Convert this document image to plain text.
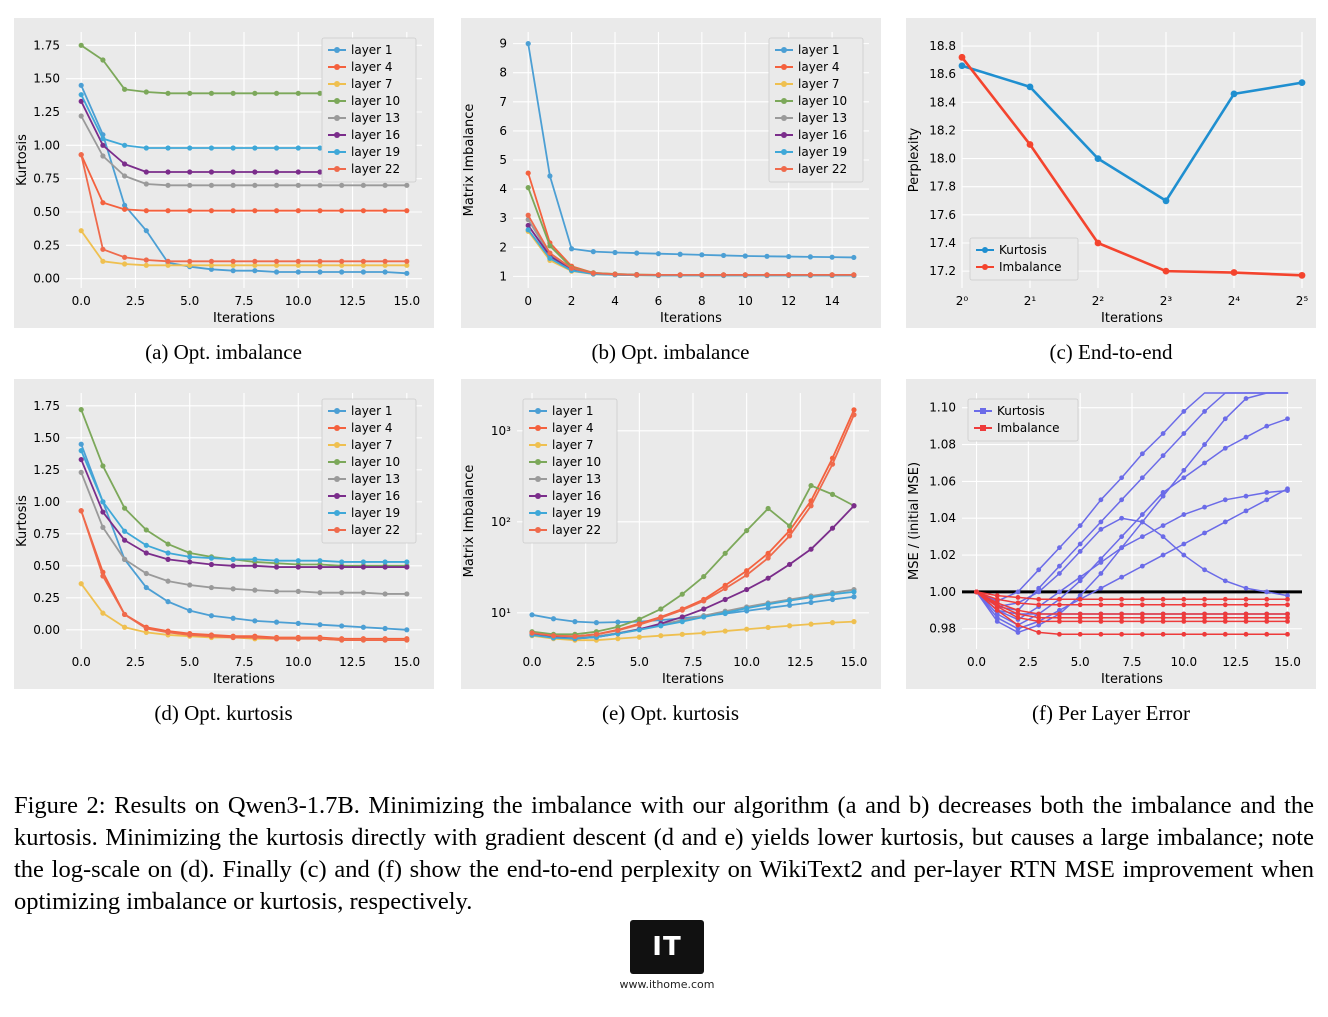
0.00
0.25
0.50
0.75
1.00
1.25
1.50
1.75
0.0	2.5	5.0	7.5	10.0 12.5 15.0
Iterations
Kurtosis
layer 1
layer 4
layer 7
layer 10
layer 13
layer 16
layer 19
layer 22
(a) Opt. imbalance
1
2
3
4
5
6
7
8
9
0	2	4	6	8	10 12 14
Iterations
Matrix Imbalance
layer 1
layer 4
layer 7
layer 10
layer 13
layer 16
layer 19
layer 22
(b) Opt. imbalance
17.2
17.4
17.6
17.8
18.0
18.2
18.4
18.6
18.8
2⁰	2¹	2²	2³	2⁴	2⁵
Iterations
Perplexity
Kurtosis
Imbalance
(c) End-to-end
0.00
0.25
0.50
0.75
1.00
1.25
1.50
1.75
0.0	2.5	5.0	7.5	10.0 12.5 15.0
Iterations
Kurtosis
layer 1
layer 4
layer 7
layer 10
layer 13
layer 16
layer 19
layer 22
(d) Opt. kurtosis
10¹
10²
10³
0.0	2.5	5.0	7.5	10.0 12.5 15.0
Iterations
Matrix Imbalance
layer 1
layer 4
layer 7
layer 10
layer 13
layer 16
layer 19
layer 22
(e) Opt. kurtosis
0.98
1.00
1.02
1.04
1.06
1.08
1.10
0.0	2.5	5.0	7.5 10.0 12.5 15.0
Iterations
MSE / (initial MSE)
Kurtosis
Imbalance
(f) Per Layer Error
Figure 2: Results on Qwen3-1.7B. Minimizing the imbalance with our algorithm (a and b) decreases both the imbalance and the kurtosis. Minimizing the kurtosis directly with gradient descent (d and e) yields lower kurtosis, but causes a large imbalance; note the log-scale on (d). Finally (c) and (f) show the end-to-end perplexity on WikiText2 and per-layer RTN MSE improvement when optimizing imbalance or kurtosis, respectively.
IT
www.ithome.com
